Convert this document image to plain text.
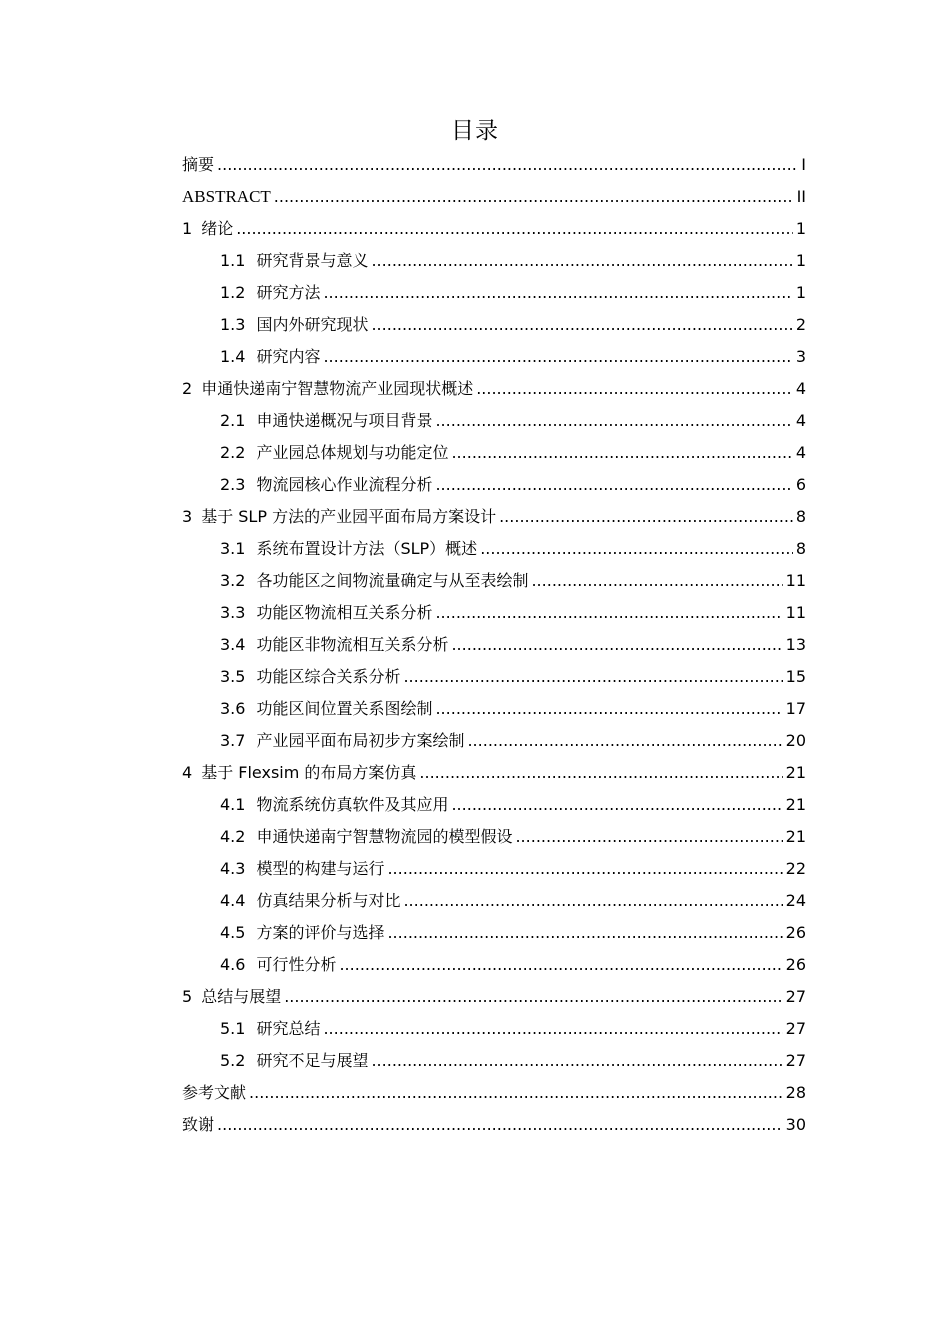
目录
摘要 .....	I
ABSTRACT .....	II
1 绪论 .....	1
1.1 研究背景与意义 .....	1
1.2 研究方法 .....	1
1.3 国内外研究现状 .....	2
1.4 研究内容 .....	3
2 申通快递南宁智慧物流产业园现状概述 .....	4
2.1 申通快递概况与项目背景 .....	4
2.2 产业园总体规划与功能定位 .....	4
2.3 物流园核心作业流程分析 .....	6
3 基于 SLP 方法的产业园平面布局方案设计 .....	8
3.1 系统布置设计方法（SLP）概述 .....	8
3.2 各功能区之间物流量确定与从至表绘制 .....	11
3.3 功能区物流相互关系分析 .....	11
3.4 功能区非物流相互关系分析 .....	13
3.5 功能区综合关系分析 .....	15
3.6 功能区间位置关系图绘制 .....	17
3.7 产业园平面布局初步方案绘制 .....	20
4 基于 Flexsim 的布局方案仿真 .....	21
4.1 物流系统仿真软件及其应用 .....	21
4.2 申通快递南宁智慧物流园的模型假设 .....	21
4.3 模型的构建与运行 .....	22
4.4 仿真结果分析与对比 .....	24
4.5 方案的评价与选择 .....	26
4.6 可行性分析 .....	26
5 总结与展望 .....	27
5.1 研究总结 .....	27
5.2 研究不足与展望 .....	27
参考文献 .....	28
致谢 .....	30
